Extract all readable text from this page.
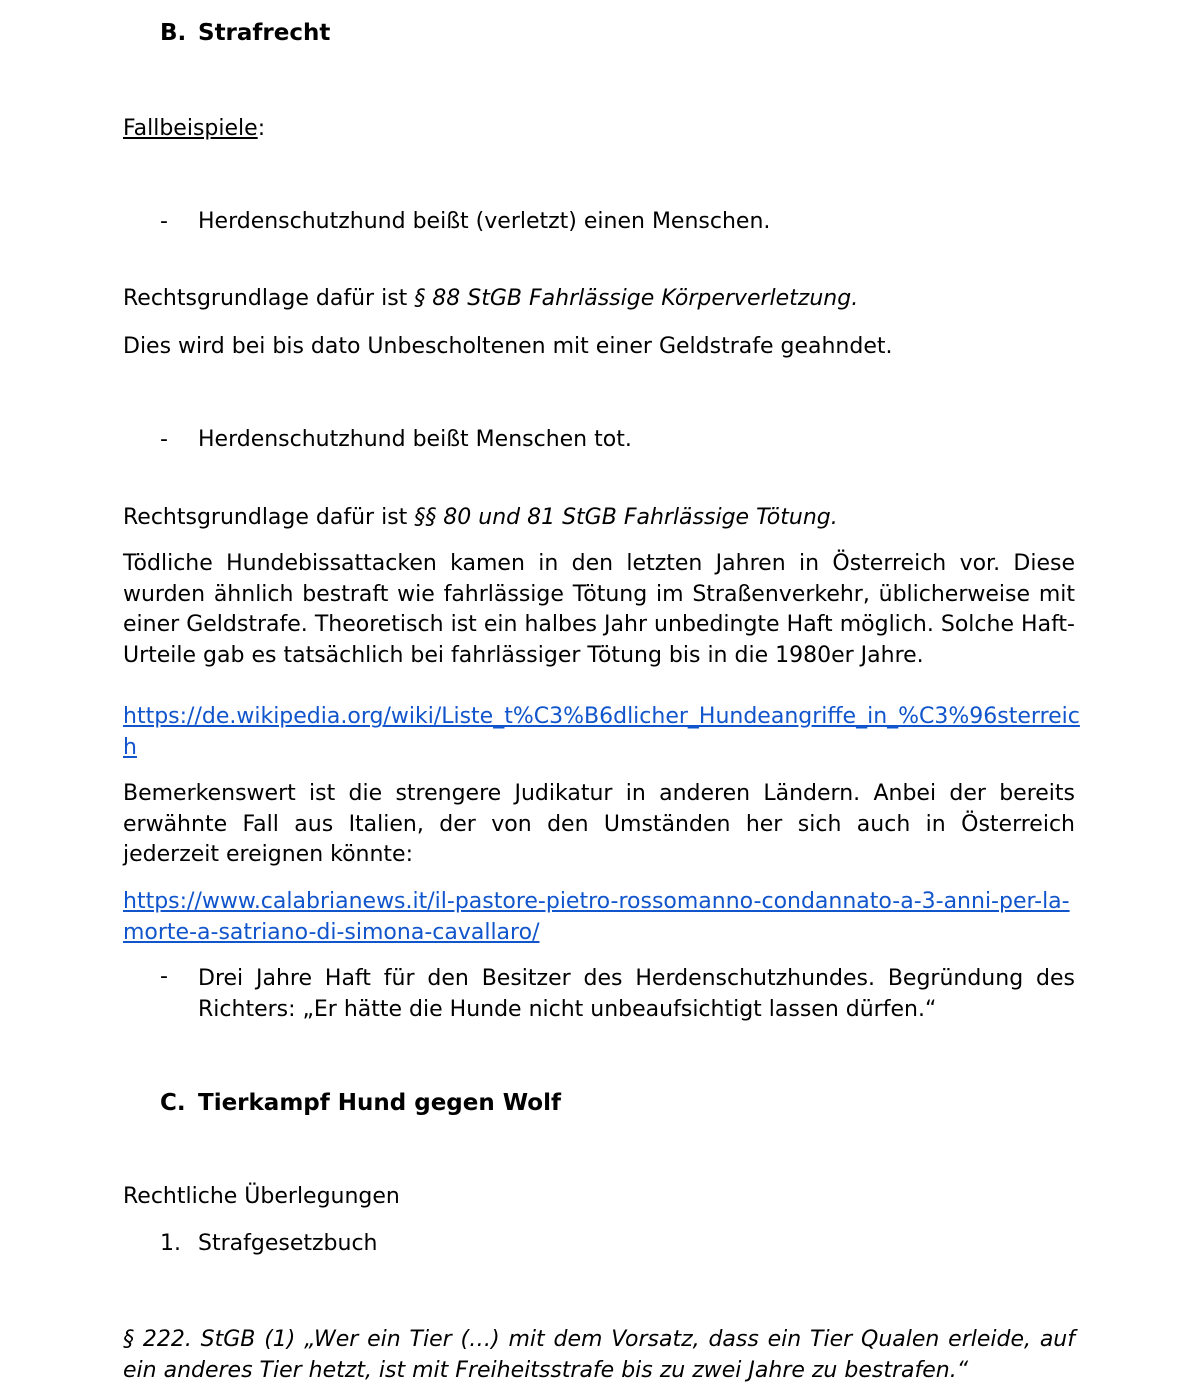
B. Strafrecht
Fallbeispiele:
- Herdenschutzhund beißt (verletzt) einen Menschen.
Rechtsgrundlage dafür ist § 88 StGB Fahrlässige Körperverletzung.
Dies wird bei bis dato Unbescholtenen mit einer Geldstrafe geahndet.
- Herdenschutzhund beißt Menschen tot.
Rechtsgrundlage dafür ist §§ 80 und 81 StGB Fahrlässige Tötung.

Tödliche Hundebissattacken kamen in den letzten Jahren in Österreich vor. Diese wurden ähnlich bestraft wie fahrlässige Tötung im Straßenverkehr, üblicherweise mit einer Geldstrafe. Theoretisch ist ein halbes Jahr unbedingte Haft möglich. Solche Haft-Urteile gab es tatsächlich bei fahrlässiger Tötung bis in die 1980er Jahre.

https://de.wikipedia.org/wiki/Liste_t%C3%B6dlicher_Hundeangriffe_in_%C3%96sterreich

Bemerkenswert ist die strengere Judikatur in anderen Ländern. Anbei der bereits erwähnte Fall aus Italien, der von den Umständen her sich auch in Österreich jederzeit ereignen könnte:

https://www.calabrianews.it/il-pastore-pietro-rossomanno-condannato-a-3-anni-per-la-morte-a-satriano-di-simona-cavallaro/
- Drei Jahre Haft für den Besitzer des Herdenschutzhundes. Begründung des Richters: „Er hätte die Hunde nicht unbeaufsichtigt lassen dürfen.“

C. Tierkampf Hund gegen Wolf
Rechtliche Überlegungen
1. Strafgesetzbuch

§ 222. StGB (1) „Wer ein Tier (…) mit dem Vorsatz, dass ein Tier Qualen erleide, auf ein anderes Tier hetzt, ist mit Freiheitsstrafe bis zu zwei Jahre zu bestrafen.“
